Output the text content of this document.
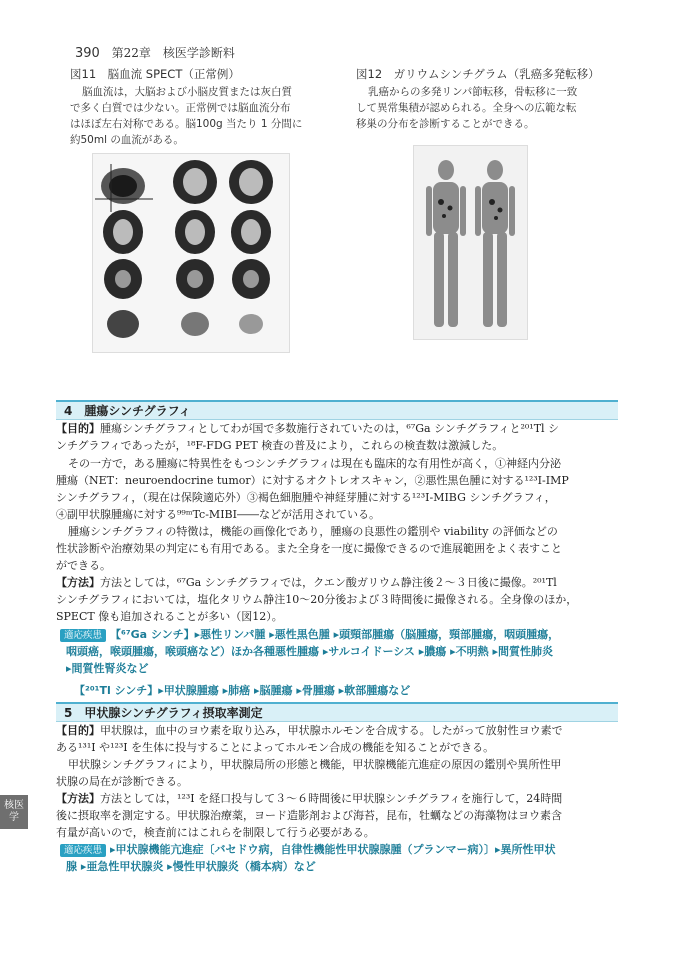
390 第22章　核医学診断料
図11　脳血流 SPECT（正常例）
脳血流は，大脳および小脳皮質または灰白質
で多く白質では少ない。正常例では脳血流分布
はほぼ左右対称である。脳100g 当たり 1 分間に
約50ml の血流がある。
図12　ガリウムシンチグラム（乳癌多発転移）
乳癌からの多発リンパ節転移，骨転移に一致
して異常集積が認められる。全身への広範な転
移巣の分布を診断することができる。
4　腫瘍シンチグラフィ
【目的】腫瘍シンチグラフィとしてわが国で多数施行されていたのは，⁶⁷Ga シンチグラフィと²⁰¹Tl シ
ンチグラフィであったが，¹⁸F-FDG PET 検査の普及により，これらの検査数は激減した。
その一方で，ある腫瘍に特異性をもつシンチグラフィは現在も臨床的な有用性が高く，①神経内分泌
腫瘍（NET：neuroendocrine tumor）に対するオクトレオスキャン，②悪性黒色腫に対する¹²³I-IMP
シンチグラフィ，（現在は保険適応外）③褐色細胞腫や神経芽腫に対する¹²³I-MIBG シンチグラフィ，
④副甲状腺腫瘍に対する⁹⁹ᵐTc-MIBI――などが活用されている。
腫瘍シンチグラフィの特徴は，機能の画像化であり，腫瘍の良悪性の鑑別や viability の評価などの
性状診断や治療効果の判定にも有用である。また全身を一度に撮像できるので進展範囲をよく表すこと
ができる。
【方法】方法としては，⁶⁷Ga シンチグラフィでは，クエン酸ガリウム静注後２～３日後に撮像。²⁰¹Tl
シンチグラフィにおいては，塩化タリウム静注10～20分後および３時間後に撮像される。全身像のほか，
SPECT 像も追加されることが多い（図12）。
適応疾患 【⁶⁷Ga シンチ】▸悪性リンパ腫 ▸悪性黒色腫 ▸頭頸部腫瘍（脳腫瘍，頸部腫瘍，咽頭腫瘍，
咽頭癌，喉頭腫瘍，喉頭癌など）ほか各種悪性腫瘍 ▸サルコイドーシス ▸膿瘍 ▸不明熱 ▸間質性肺炎
▸間質性腎炎など
【²⁰¹Tl シンチ】▸甲状腺腫瘍 ▸肺癌 ▸脳腫瘍 ▸骨腫瘍 ▸軟部腫瘍など
5　甲状腺シンチグラフィ摂取率測定
【目的】甲状腺は，血中のヨウ素を取り込み，甲状腺ホルモンを合成する。したがって放射性ヨウ素で
ある¹³¹I や¹²³I を生体に投与することによってホルモン合成の機能を知ることができる。
甲状腺シンチグラフィにより，甲状腺局所の形態と機能，甲状腺機能亢進症の原因の鑑別や異所性甲
状腺の局在が診断できる。
【方法】方法としては，¹²³I を経口投与して３～６時間後に甲状腺シンチグラフィを施行して，24時間
後に摂取率を測定する。甲状腺治療薬，ヨード造影剤および海苔，昆布，牡蠣などの海藻物はヨウ素含
有量が高いので，検査前にはこれらを制限して行う必要がある。
適応疾患 ▸甲状腺機能亢進症〔バセドウ病，自律性機能性甲状腺腺腫（プランマー病）〕▸異所性甲状
腺 ▸亜急性甲状腺炎 ▸慢性甲状腺炎（橋本病）など
核医
学
